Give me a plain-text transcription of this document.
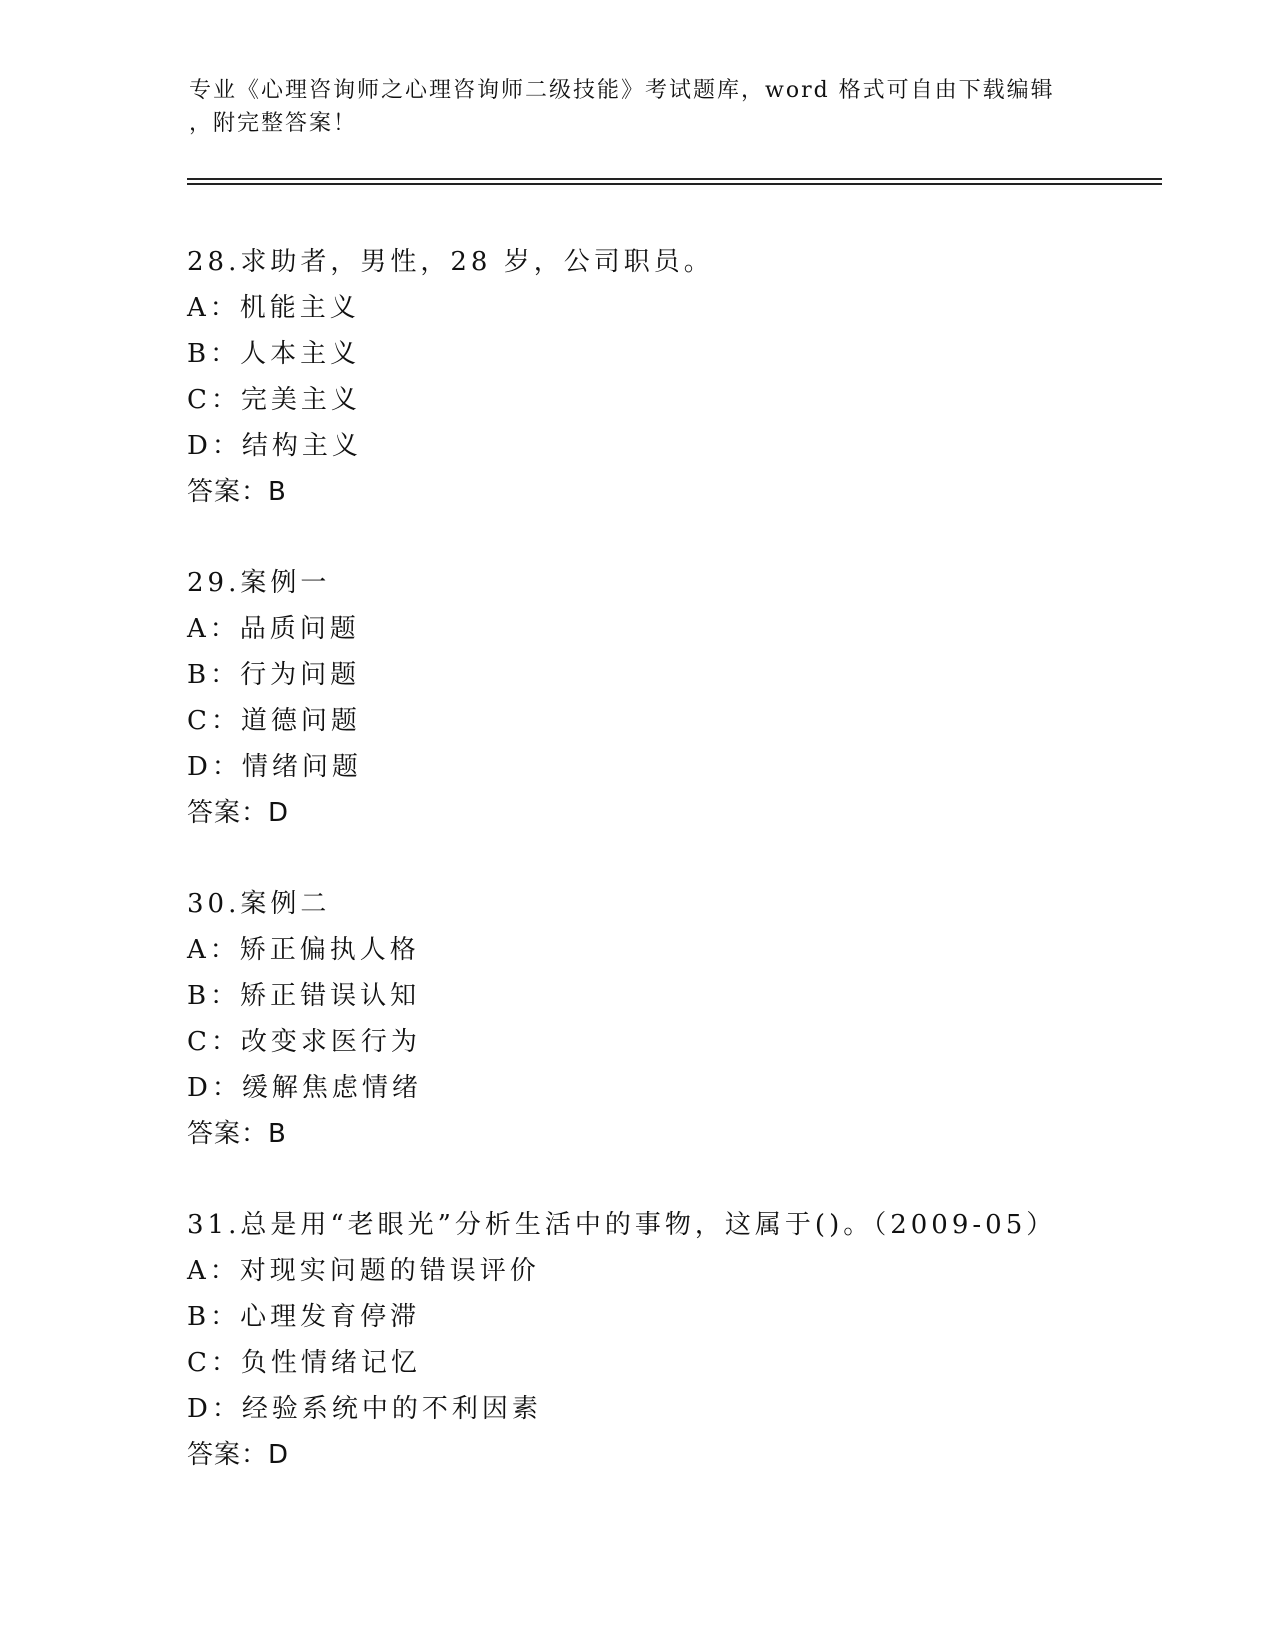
专业《心理咨询师之心理咨询师二级技能》考试题库，word 格式可自由下载编辑
，附完整答案！
28.求助者，男性，28 岁，公司职员。
A：机能主义
B：人本主义
C：完美主义
D：结构主义
答案：B
29.案例一
A：品质问题
B：行为问题
C：道德问题
D：情绪问题
答案：D
30.案例二
A：矫正偏执人格
B：矫正错误认知
C：改变求医行为
D：缓解焦虑情绪
答案：B
31.总是用“老眼光”分析生活中的事物，这属于()。（2009-05）
A：对现实问题的错误评价
B：心理发育停滞
C：负性情绪记忆
D：经验系统中的不利因素
答案：D
